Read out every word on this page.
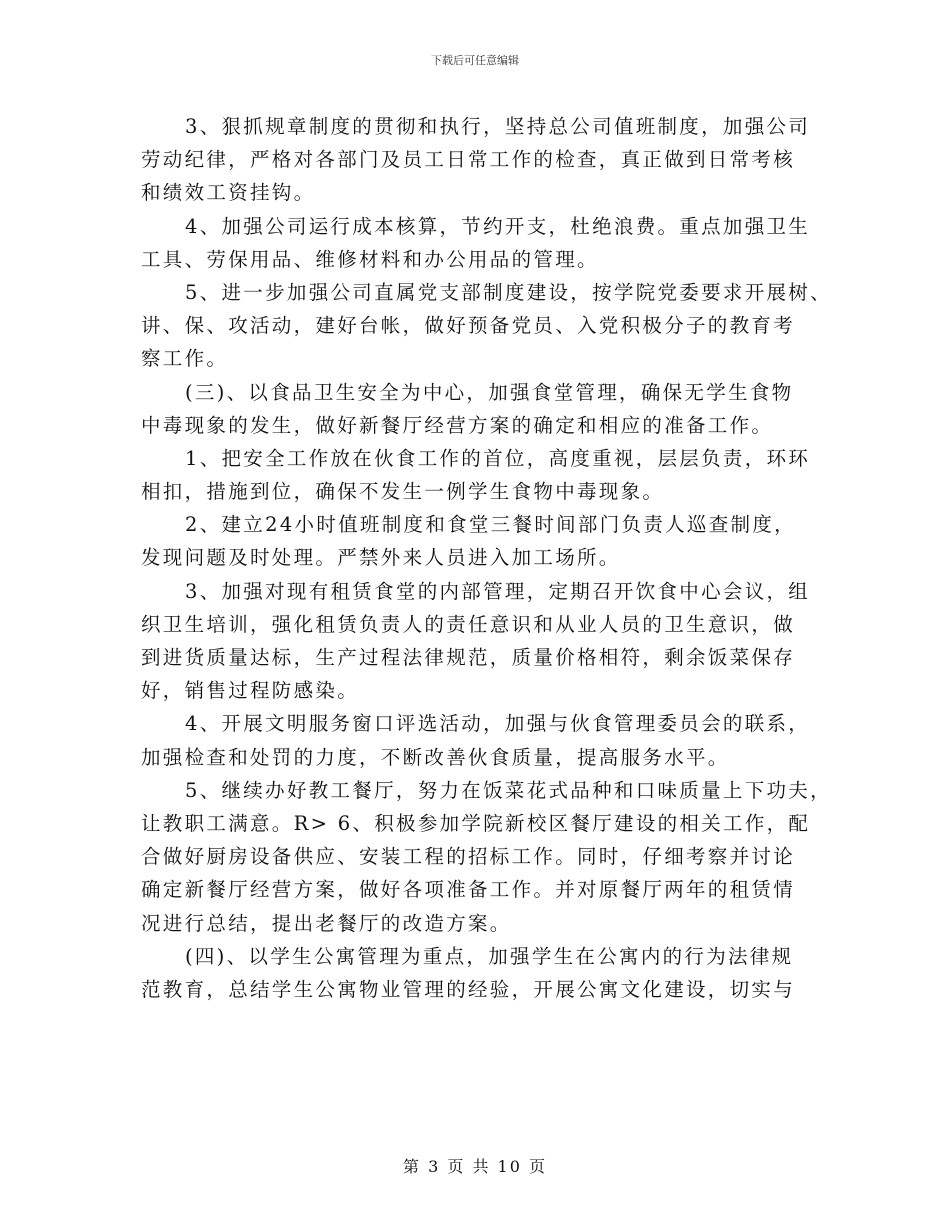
下载后可任意编辑
3、狠抓规章制度的贯彻和执行，坚持总公司值班制度，加强公司
劳动纪律，严格对各部门及员工日常工作的检查，真正做到日常考核
和绩效工资挂钩。
4、加强公司运行成本核算，节约开支，杜绝浪费。重点加强卫生
工具、劳保用品、维修材料和办公用品的管理。
5、进一步加强公司直属党支部制度建设，按学院党委要求开展树、
讲、保、攻活动，建好台帐，做好预备党员、入党积极分子的教育考
察工作。
(三)、以食品卫生安全为中心，加强食堂管理，确保无学生食物
中毒现象的发生，做好新餐厅经营方案的确定和相应的准备工作。
1、把安全工作放在伙食工作的首位，高度重视，层层负责，环环
相扣，措施到位，确保不发生一例学生食物中毒现象。
2、建立24小时值班制度和食堂三餐时间部门负责人巡查制度，
发现问题及时处理。严禁外来人员进入加工场所。
3、加强对现有租赁食堂的内部管理，定期召开饮食中心会议，组
织卫生培训，强化租赁负责人的责任意识和从业人员的卫生意识，做
到进货质量达标，生产过程法律规范，质量价格相符，剩余饭菜保存
好，销售过程防感染。
4、开展文明服务窗口评选活动，加强与伙食管理委员会的联系，
加强检查和处罚的力度，不断改善伙食质量，提高服务水平。
5、继续办好教工餐厅，努力在饭菜花式品种和口味质量上下功夫，
让教职工满意。R> 6、积极参加学院新校区餐厅建设的相关工作，配
合做好厨房设备供应、安装工程的招标工作。同时，仔细考察并讨论
确定新餐厅经营方案，做好各项准备工作。并对原餐厅两年的租赁情
况进行总结，提出老餐厅的改造方案。
(四)、以学生公寓管理为重点，加强学生在公寓内的行为法律规
范教育，总结学生公寓物业管理的经验，开展公寓文化建设，切实与
第 3 页 共 10 页
